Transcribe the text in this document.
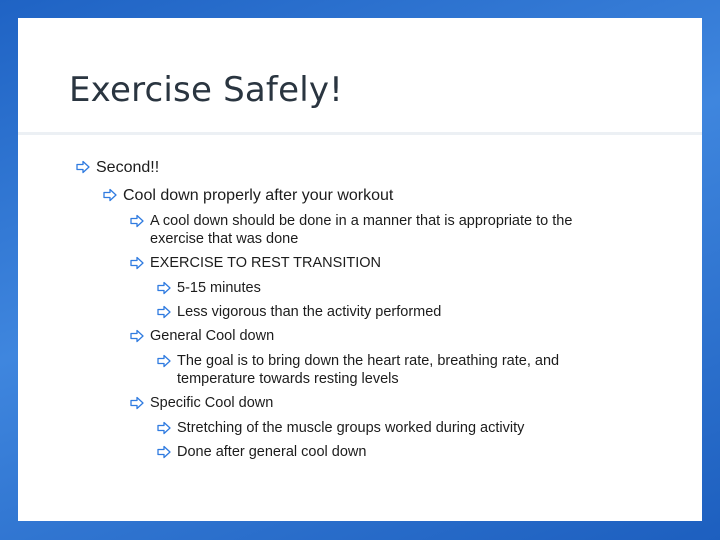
Exercise Safely!
Second!!
Cool down properly after your workout
A cool down should be done in a manner that is appropriate to the exercise that was done
EXERCISE TO REST TRANSITION
5-15 minutes
Less vigorous than the activity performed
General Cool down
The goal is to bring down the heart rate, breathing rate, and temperature towards resting levels
Specific Cool down
Stretching of the muscle groups worked during activity
Done after general cool down
